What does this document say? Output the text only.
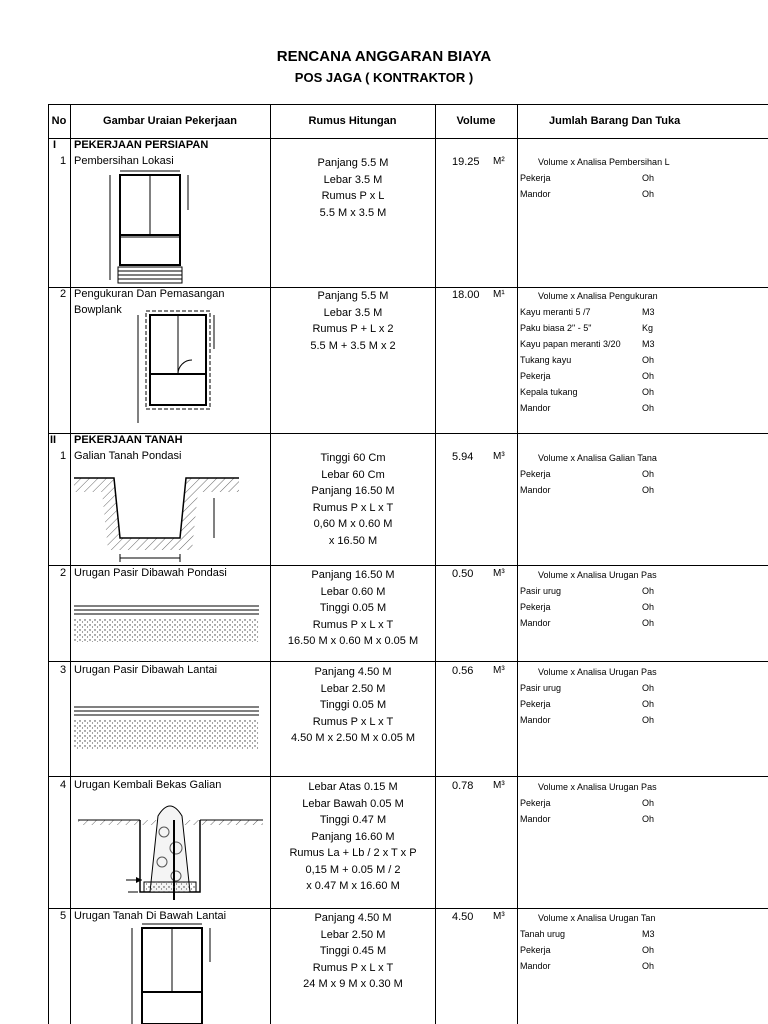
RENCANA ANGGARAN BIAYA
POS JAGA ( KONTRAKTOR )
No	Gambar Uraian Pekerjaan	Rumus Hitungan	Volume	Jumlah Barang Dan Tuka
I PEKERJAAN PERSIAPAN
1 Pembersihan Lokasi	Panjang 5.5 M
Lebar 3.5 M
Rumus P x L
5.5 M x 3.5 M
19.25 M²	Volume x Analisa Pembersihan L
Pekerja	Oh
Mandor	Oh
2 Pengukuran Dan Pemasangan
Bowplank
Panjang 5.5 M
Lebar 3.5 M
Rumus P + L x 2
5.5 M + 3.5 M x 2
18.00 M¹	Volume x Analisa Pengukuran
Kayu meranti 5 /7	M3
Paku biasa 2" - 5"	Kg
Kayu papan meranti 3/20 M3
Tukang kayu	Oh
Pekerja	Oh
Kepala tukang	Oh
Mandor	Oh
II PEKERJAAN TANAH
1 Galian Tanah Pondasi	Tinggi 60 Cm
Lebar 60 Cm
Panjang 16.50 M
Rumus P x L x T
0,60 M x 0.60 M
x 16.50 M
5.94 M³	Volume x Analisa Galian Tana
Pekerja	Oh
Mandor	Oh
2 Urugan Pasir Dibawah Pondasi	Panjang 16.50 M
Lebar 0.60 M
Tinggi 0.05 M
Rumus P x L x T
16.50 M x 0.60 M x 0.05 M
0.50 M³	Volume x Analisa Urugan Pas
Pasir urug	Oh
Pekerja	Oh
Mandor	Oh
3 Urugan Pasir Dibawah Lantai	Panjang 4.50 M
Lebar 2.50 M
Tinggi 0.05 M
Rumus P x L x T
4.50 M x 2.50 M x 0.05 M
0.56 M³	Volume x Analisa Urugan Pas
Pasir urug	Oh
Pekerja	Oh
Mandor	Oh
4 Urugan Kembali Bekas Galian	Lebar Atas 0.15 M
Lebar Bawah 0.05 M
Tinggi 0.47 M
Panjang 16.60 M
Rumus La + Lb / 2 x T x P
0,15 M + 0.05 M / 2
x 0.47 M x 16.60 M
0.78 M³	Volume x Analisa Urugan Pas
Pekerja	Oh
Mandor	Oh
5 Urugan Tanah Di Bawah Lantai	Panjang 4.50 M
Lebar 2.50 M
Tinggi 0.45 M
Rumus P x L x T
24 M x 9 M x 0.30 M
4.50 M³	Volume x Analisa Urugan Tan
Tanah urug	M3
Pekerja	Oh
Mandor	Oh
